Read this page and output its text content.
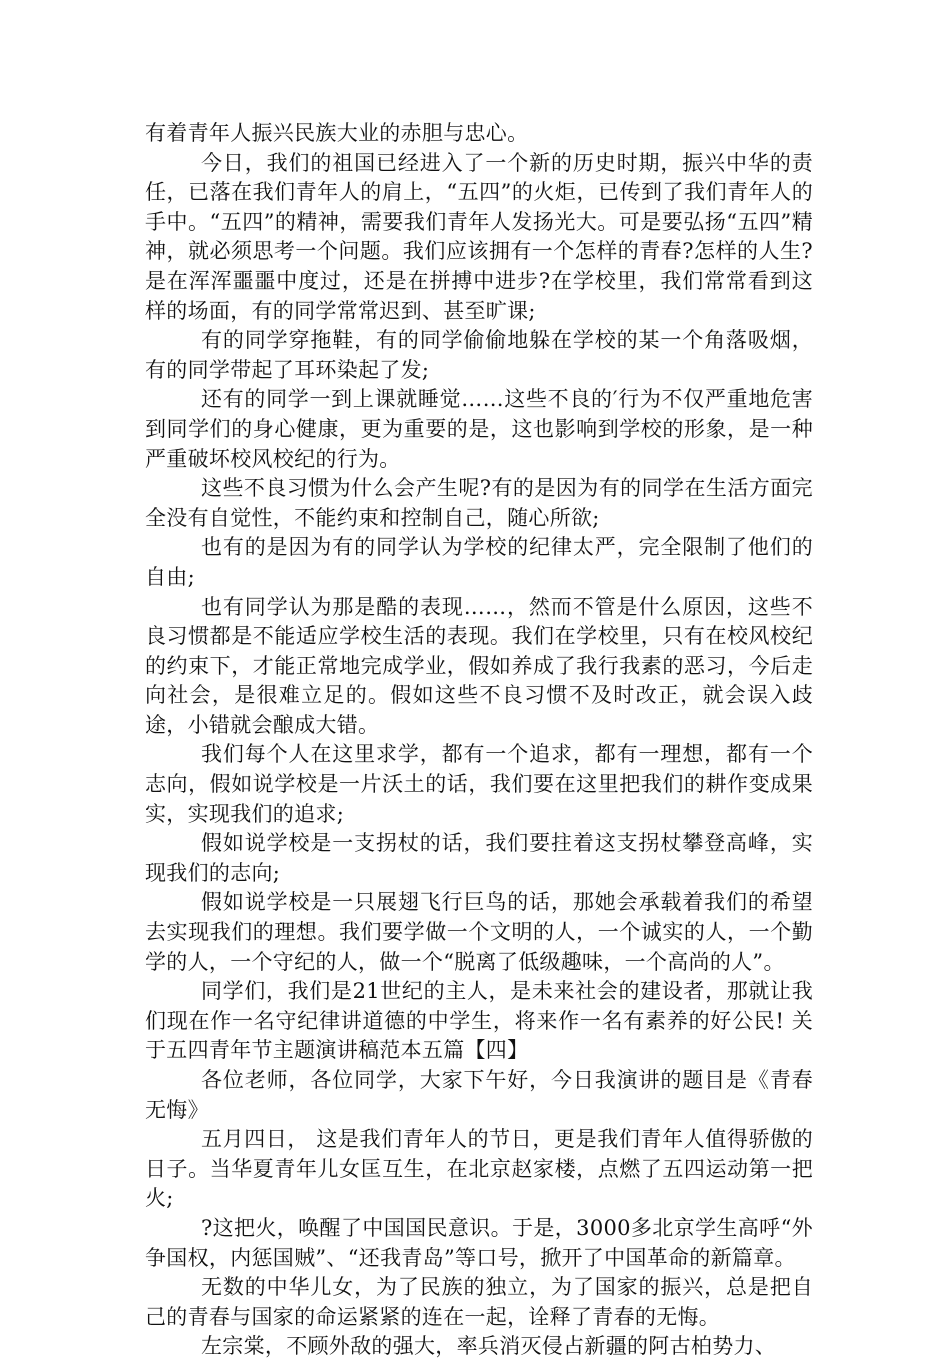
有着青年人振兴民族大业的赤胆与忠心。

今日，我们的祖国已经进入了一个新的历史时期，振兴中华的责任，已落在我们青年人的肩上，“五四”的火炬，已传到了我们青年人的手中。“五四”的精神，需要我们青年人发扬光大。可是要弘扬“五四”精神，就必须思考一个问题。我们应该拥有一个怎样的青春?怎样的人生?是在浑浑噩噩中度过，还是在拼搏中进步?在学校里，我们常常看到这样的场面，有的同学常常迟到、甚至旷课;

有的同学穿拖鞋，有的同学偷偷地躲在学校的某一个角落吸烟，有的同学带起了耳环染起了发;

还有的同学一到上课就睡觉……这些不良的′行为不仅严重地危害到同学们的身心健康，更为重要的是，这也影响到学校的形象，是一种严重破坏校风校纪的行为。

这些不良习惯为什么会产生呢?有的是因为有的同学在生活方面完全没有自觉性，不能约束和控制自己，随心所欲;

也有的是因为有的同学认为学校的纪律太严，完全限制了他们的自由;

也有同学认为那是酷的表现……，然而不管是什么原因，这些不良习惯都是不能适应学校生活的表现。我们在学校里，只有在校风校纪的约束下，才能正常地完成学业，假如养成了我行我素的恶习，今后走向社会，是很难立足的。假如这些不良习惯不及时改正，就会误入歧途，小错就会酿成大错。

我们每个人在这里求学，都有一个追求，都有一理想，都有一个志向，假如说学校是一片沃土的话，我们要在这里把我们的耕作变成果实，实现我们的追求;

假如说学校是一支拐杖的话，我们要拄着这支拐杖攀登高峰，实现我们的志向;

假如说学校是一只展翅飞行巨鸟的话，那她会承载着我们的希望去实现我们的理想。我们要学做一个文明的人，一个诚实的人，一个勤学的人，一个守纪的人，做一个“脱离了低级趣味，一个高尚的人”。

同学们，我们是21世纪的主人，是未来社会的建设者，那就让我们现在作一名守纪律讲道德的中学生，将来作一名有素养的好公民! 关于五四青年节主题演讲稿范本五篇【四】

各位老师，各位同学，大家下午好，今日我演讲的题目是《青春无悔》

五月四日， 这是我们青年人的节日，更是我们青年人值得骄傲的日子。当华夏青年儿女匡互生，在北京赵家楼，点燃了五四运动第一把火;

?这把火，唤醒了中国国民意识。于是，3000多北京学生高呼“外争国权，内惩国贼”、“还我青岛”等口号，掀开了中国革命的新篇章。

无数的中华儿女，为了民族的独立，为了国家的振兴，总是把自己的青春与国家的命运紧紧的连在一起，诠释了青春的无悔。

左宗棠，不顾外敌的强大，率兵消灭侵占新疆的阿古柏势力、
